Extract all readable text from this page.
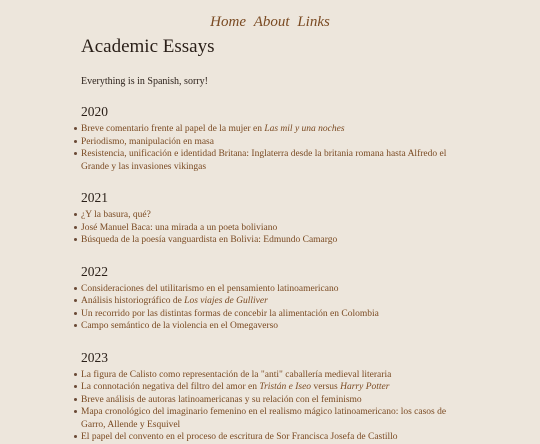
Home About Links
Academic Essays

Everything is in Spanish, sorry!

2020
Breve comentario frente al papel de la mujer en Las mil y una noches
Periodismo, manipulación en masa
Resistencia, unificación e identidad Britana: Inglaterra desde la britania romana hasta Alfredo el Grande y las invasiones vikingas
2021
¿Y la basura, qué?
José Manuel Baca: una mirada a un poeta boliviano
Búsqueda de la poesía vanguardista en Bolivia: Edmundo Camargo
2022
Consideraciones del utilitarismo en el pensamiento latinoamericano
Análisis historiográfico de Los viajes de Gulliver
Un recorrido por las distintas formas de concebir la alimentación en Colombia
Campo semántico de la violencia en el Omegaverso
2023
La figura de Calisto como representación de la "anti" caballería medieval literaria
La connotación negativa del filtro del amor en Tristán e Iseo versus Harry Potter
Breve análisis de autoras latinoamericanas y su relación con el feminismo
Mapa cronológico del imaginario femenino en el realismo mágico latinoamericano: los casos de Garro, Allende y Esquivel
El papel del convento en el proceso de escritura de Sor Francisca Josefa de Castillo
